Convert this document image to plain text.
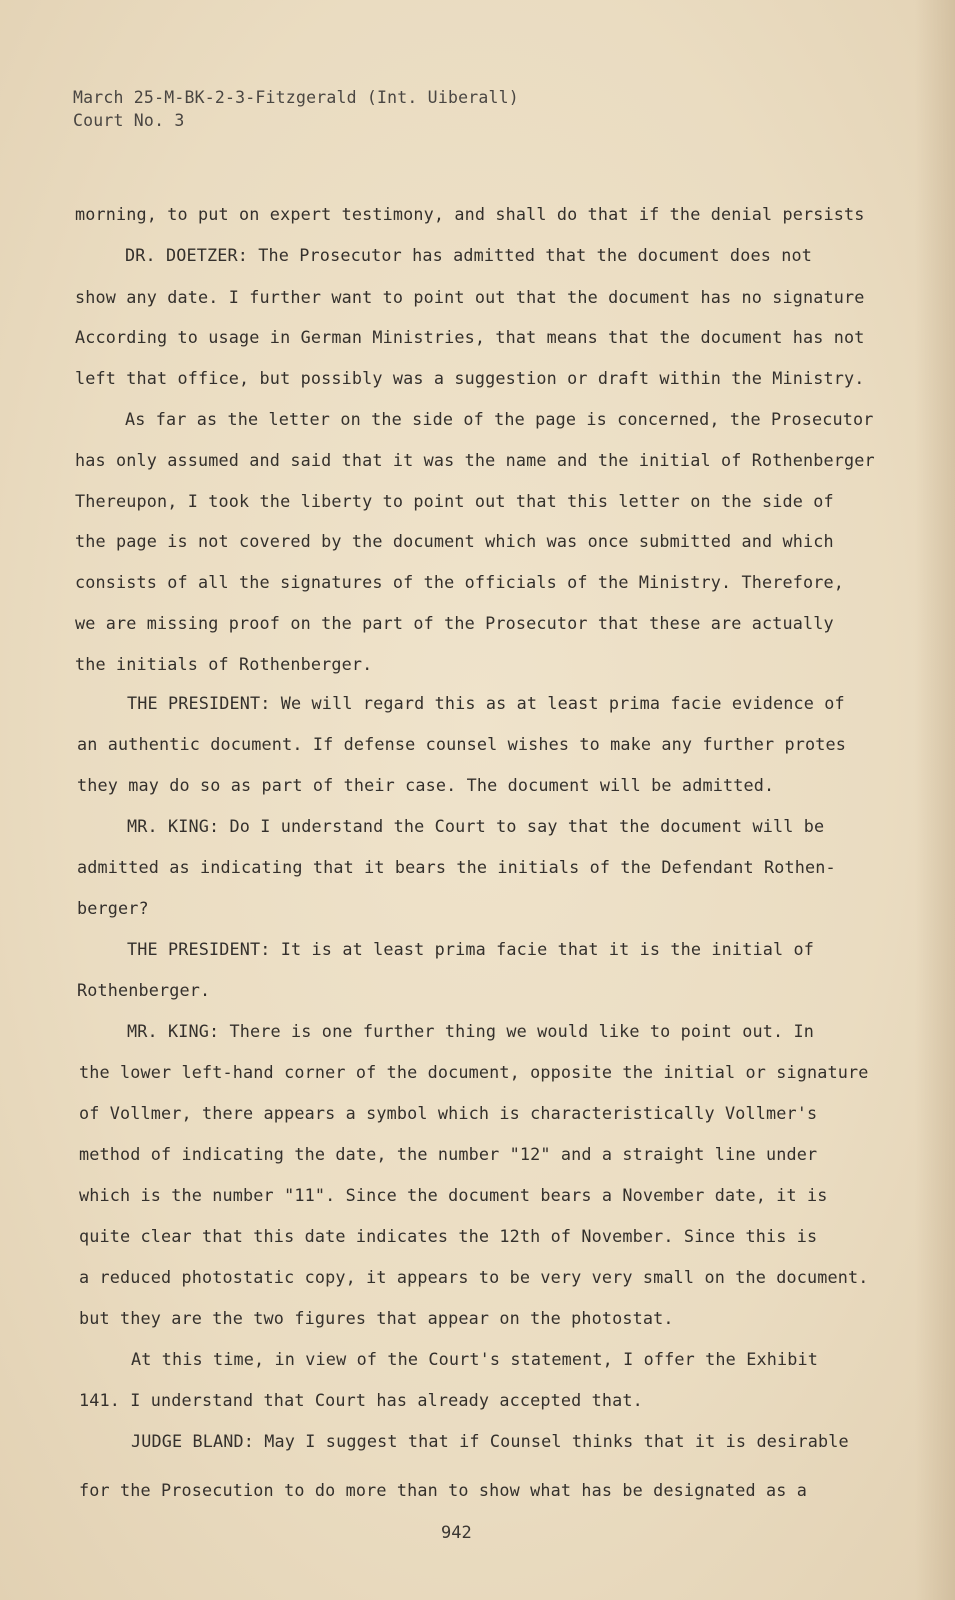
March 25-M-BK-2-3-Fitzgerald (Int. Uiberall)
Court No. 3
morning, to put on expert testimony, and shall do that if the denial persists
DR. DOETZER: The Prosecutor has admitted that the document does not
show any date. I further want to point out that the document has no signature
According to usage in German Ministries, that means that the document has not
left that office, but possibly was a suggestion or draft within the Ministry.
As far as the letter on the side of the page is concerned, the Prosecutor
has only assumed and said that it was the name and the initial of Rothenberger
Thereupon, I took the liberty to point out that this letter on the side of
the page is not covered by the document which was once submitted and which
consists of all the signatures of the officials of the Ministry. Therefore,
we are missing proof on the part of the Prosecutor that these are actually
the initials of Rothenberger.
THE PRESIDENT: We will regard this as at least prima facie evidence of
an authentic document. If defense counsel wishes to make any further protes
they may do so as part of their case. The document will be admitted.
MR. KING: Do I understand the Court to say that the document will be
admitted as indicating that it bears the initials of the Defendant Rothen-
berger?
THE PRESIDENT: It is at least prima facie that it is the initial of
Rothenberger.
MR. KING: There is one further thing we would like to point out. In
the lower left-hand corner of the document, opposite the initial or signature
of Vollmer, there appears a symbol which is characteristically Vollmer's
method of indicating the date, the number "12" and a straight line under
which is the number "11". Since the document bears a November date, it is
quite clear that this date indicates the 12th of November. Since this is
a reduced photostatic copy, it appears to be very very small on the document.
but they are the two figures that appear on the photostat.
At this time, in view of the Court's statement, I offer the Exhibit
141. I understand that Court has already accepted that.
JUDGE BLAND: May I suggest that if Counsel thinks that it is desirable
for the Prosecution to do more than to show what has be designated as a
942
